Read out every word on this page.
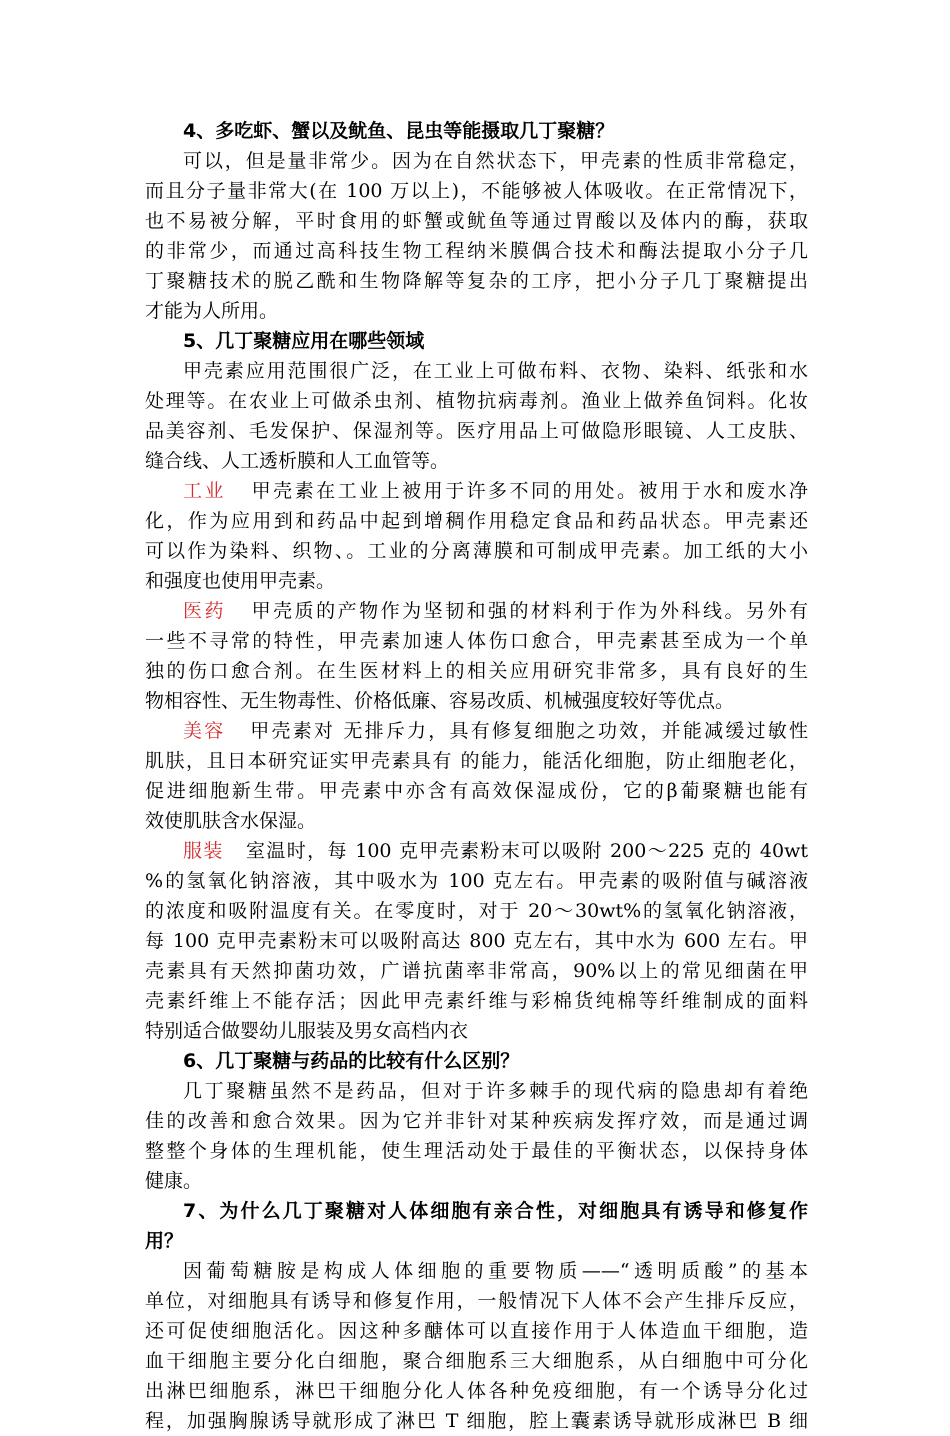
4、多吃虾、蟹以及鱿鱼、昆虫等能摄取几丁聚糖？
可以，但是量非常少。因为在自然状态下，甲壳素的性质非常稳定，
而且分子量非常大(在 100 万以上)，不能够被人体吸收。在正常情况下，
也不易被分解，平时食用的虾蟹或鱿鱼等通过胃酸以及体内的酶，获取
的非常少，而通过高科技生物工程纳米膜偶合技术和酶法提取小分子几
丁聚糖技术的脱乙酰和生物降解等复杂的工序，把小分子几丁聚糖提出
才能为人所用。
5、几丁聚糖应用在哪些领域
甲壳素应用范围很广泛，在工业上可做布料、衣物、染料、纸张和水
处理等。在农业上可做杀虫剂、植物抗病毒剂。渔业上做养鱼饲料。化妆
品美容剂、毛发保护、保湿剂等。医疗用品上可做隐形眼镜、人工皮肤、
缝合线、人工透析膜和人工血管等。
工业 甲壳素在工业上被用于许多不同的用处。被用于水和废水净
化，作为应用到和药品中起到增稠作用稳定食品和药品状态。甲壳素还
可以作为染料、织物、。工业的分离薄膜和可制成甲壳素。加工纸的大小
和强度也使用甲壳素。
医药 甲壳质的产物作为坚韧和强的材料利于作为外科线。另外有
一些不寻常的特性，甲壳素加速人体伤口愈合，甲壳素甚至成为一个单
独的伤口愈合剂。在生医材料上的相关应用研究非常多，具有良好的生
物相容性、无生物毒性、价格低廉、容易改质、机械强度较好等优点。
美容 甲壳素对 无排斥力，具有修复细胞之功效，并能减缓过敏性
肌肤，且日本研究证实甲壳素具有 的能力，能活化细胞，防止细胞老化，
促进细胞新生带。甲壳素中亦含有高效保湿成份，它的β葡聚糖也能有
效使肌肤含水保湿。
服装 室温时，每 100 克甲壳素粉末可以吸附 200～225 克的 40wt
%的氢氧化钠溶液，其中吸水为 100 克左右。甲壳素的吸附值与碱溶液
的浓度和吸附温度有关。在零度时，对于 20～30wt%的氢氧化钠溶液，
每 100 克甲壳素粉末可以吸附高达 800 克左右，其中水为 600 左右。甲
壳素具有天然抑菌功效，广谱抗菌率非常高，90%以上的常见细菌在甲
壳素纤维上不能存活；因此甲壳素纤维与彩棉货纯棉等纤维制成的面料
特别适合做婴幼儿服装及男女高档内衣
6、几丁聚糖与药品的比较有什么区别？
几丁聚糖虽然不是药品，但对于许多棘手的现代病的隐患却有着绝
佳的改善和愈合效果。因为它并非针对某种疾病发挥疗效，而是通过调
整整个身体的生理机能，使生理活动处于最佳的平衡状态，以保持身体
健康。
7、为什么几丁聚糖对人体细胞有亲合性，对细胞具有诱导和修复作
用？
因葡萄糖胺是构成人体细胞的重要物质——“透明质酸”的基本
单位，对细胞具有诱导和修复作用，一般情况下人体不会产生排斥反应，
还可促使细胞活化。因这种多醣体可以直接作用于人体造血干细胞，造
血干细胞主要分化白细胞，聚合细胞系三大细胞系，从白细胞中可分化
出淋巴细胞系，淋巴干细胞分化人体各种免疫细胞，有一个诱导分化过
程，加强胸腺诱导就形成了淋巴 T 细胞，腔上囊素诱导就形成淋巴 B 细
